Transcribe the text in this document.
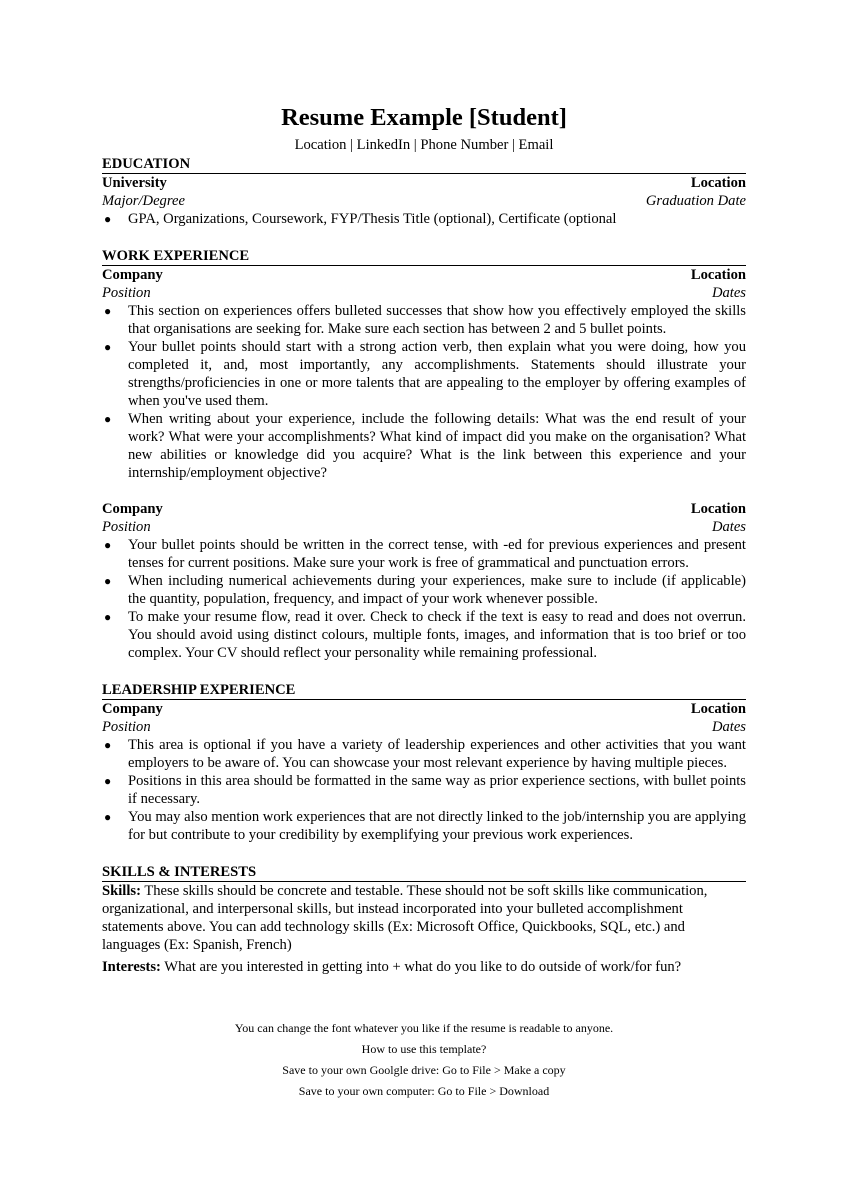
Resume Example [Student]
Location | LinkedIn | Phone Number | Email
EDUCATION
University	Location
Major/Degree	Graduation Date
● GPA, Organizations, Coursework, FYP/Thesis Title (optional), Certificate (optional
WORK EXPERIENCE
Company	Location
Position	Dates
● This section on experiences offers bulleted successes that show how you effectively employed the skills that organisations are seeking for. Make sure each section has between 2 and 5 bullet points.
● Your bullet points should start with a strong action verb, then explain what you were doing, how you completed it, and, most importantly, any accomplishments. Statements should illustrate your strengths/proficiencies in one or more talents that are appealing to the employer by offering examples of when you've used them.
● When writing about your experience, include the following details: What was the end result of your work? What were your accomplishments? What kind of impact did you make on the organisation? What new abilities or knowledge did you acquire? What is the link between this experience and your internship/employment objective?
Company	Location
Position	Dates
● Your bullet points should be written in the correct tense, with -ed for previous experiences and present tenses for current positions. Make sure your work is free of grammatical and punctuation errors.
● When including numerical achievements during your experiences, make sure to include (if applicable) the quantity, population, frequency, and impact of your work whenever possible.
● To make your resume flow, read it over. Check to check if the text is easy to read and does not overrun. You should avoid using distinct colours, multiple fonts, images, and information that is too brief or too complex. Your CV should reflect your personality while remaining professional.
LEADERSHIP EXPERIENCE
Company	Location
Position	Dates
● This area is optional if you have a variety of leadership experiences and other activities that you want employers to be aware of. You can showcase your most relevant experience by having multiple pieces.
● Positions in this area should be formatted in the same way as prior experience sections, with bullet points if necessary.
● You may also mention work experiences that are not directly linked to the job/internship you are applying for but contribute to your credibility by exemplifying your previous work experiences.
SKILLS & INTERESTS

Skills: These skills should be concrete and testable. These should not be soft skills like communication, organizational, and interpersonal skills, but instead incorporated into your bulleted accomplishment statements above. You can add technology skills (Ex: Microsoft Office, Quickbooks, SQL, etc.) and languages (Ex: Spanish, French)

Interests: What are you interested in getting into + what do you like to do outside of work/for fun?

You can change the font whatever you like if the resume is readable to anyone.
How to use this template?
Save to your own Goolgle drive: Go to File > Make a copy
Save to your own computer: Go to File > Download
